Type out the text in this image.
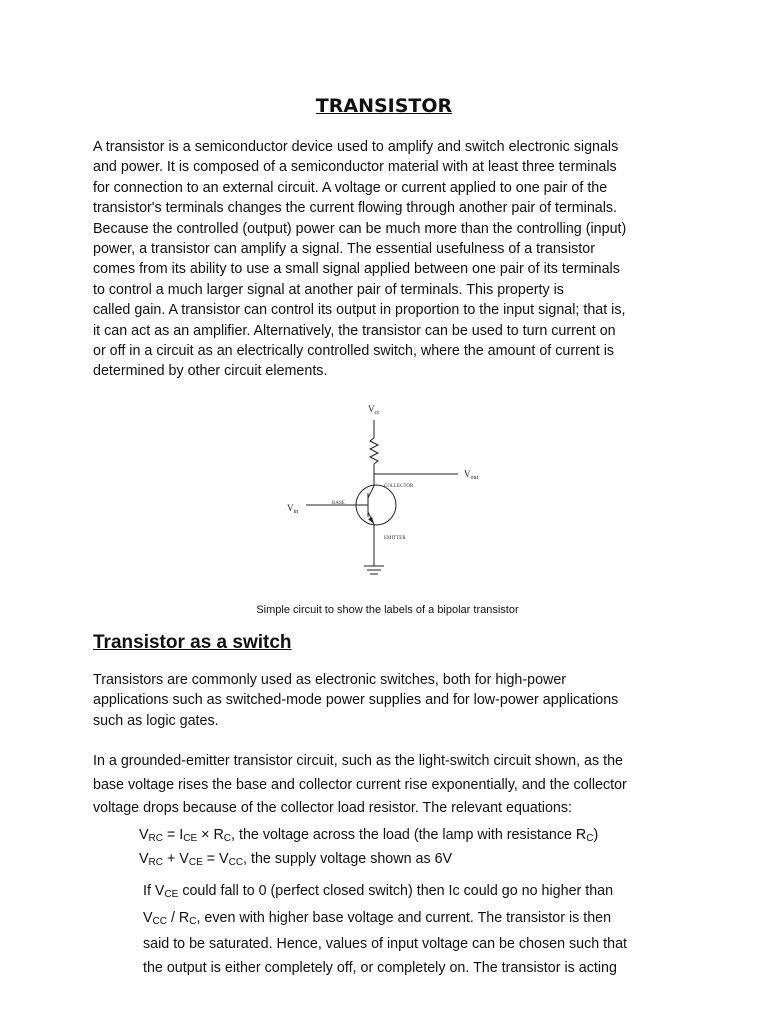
TRANSISTOR
A transistor is a semiconductor device used to amplify and switch electronic signals
and power. It is composed of a semiconductor material with at least three terminals
for connection to an external circuit. A voltage or current applied to one pair of the
transistor's terminals changes the current flowing through another pair of terminals.
Because the controlled (output) power can be much more than the controlling (input)
power, a transistor can amplify a signal. The essential usefulness of a transistor
comes from its ability to use a small signal applied between one pair of its terminals
to control a much larger signal at another pair of terminals. This property is
called gain. A transistor can control its output in proportion to the input signal; that is,
it can act as an amplifier. Alternatively, the transistor can be used to turn current on
or off in a circuit as an electrically controlled switch, where the amount of current is
determined by other circuit elements.
$V_{cc}$
$V_{out}$
$V_{in}$
COLLECTOR
BASE
EMITTER
Simple circuit to show the labels of a bipolar transistor
Transistor as a switch
Transistors are commonly used as electronic switches, both for high-power
applications such as switched-mode power supplies and for low-power applications
such as logic gates.
In a grounded-emitter transistor circuit, such as the light-switch circuit shown, as the
base voltage rises the base and collector current rise exponentially, and the collector
voltage drops because of the collector load resistor. The relevant equations:
$V_{RC} = I_{CE} \times R_C$, the voltage across the load (the lamp with resistance $R_C$)
$V_{RC} + V_{CE} = V_{CC}$, the supply voltage shown as 6V
If $V_{CE}$ could fall to 0 (perfect closed switch) then Ic could go no higher than
$V_{CC} / R_C$, even with higher base voltage and current. The transistor is then
said to be saturated. Hence, values of input voltage can be chosen such that
the output is either completely off, or completely on. The transistor is acting
